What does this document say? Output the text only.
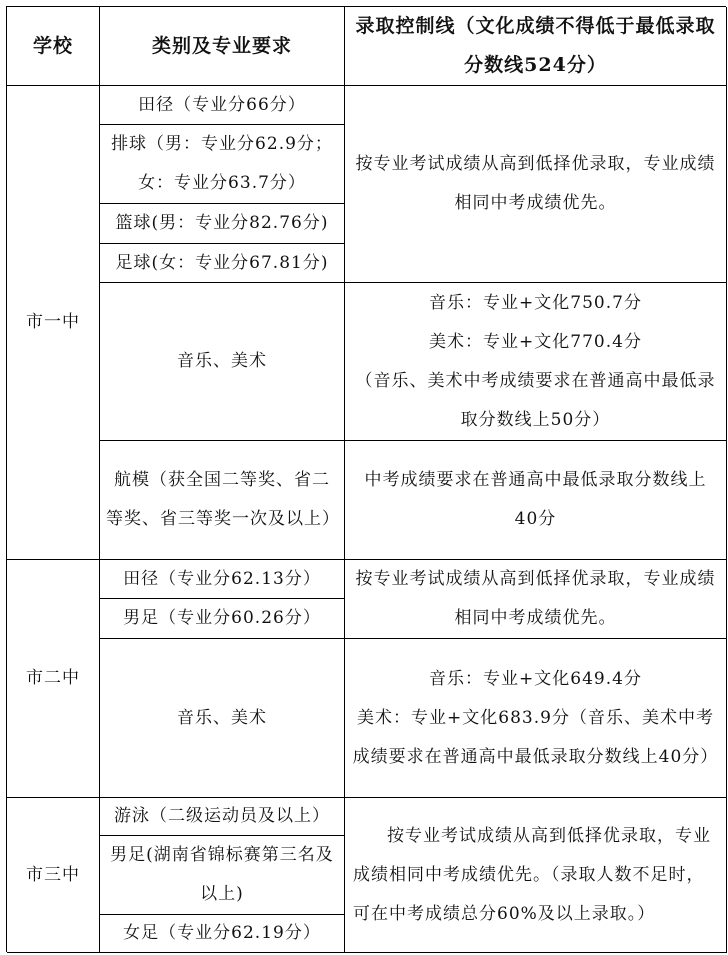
学校	类别及专业要求
录取控制线（文化成绩不得低于最低录取分数线524分）
市一中
田径（专业分66分）
排球（男：专业分62.9分；女：专业分63.7分）
篮球(男：专业分82.76分)
足球(女：专业分67.81分)
按专业考试成绩从高到低择优录取，专业成绩相同中考成绩优先。
音乐、美术
音乐：专业+文化750.7分
美术：专业+文化770.4分
（音乐、美术中考成绩要求在普通高中最低录取分数线上50分）
航模（获全国二等奖、省二等奖、省三等奖一次及以上）
中考成绩要求在普通高中最低录取分数线上40分
市二中
田径（专业分62.13分）
男足（专业分60.26分）
按专业考试成绩从高到低择优录取，专业成绩相同中考成绩优先。
音乐、美术
音乐：专业+文化649.4分
美术：专业+文化683.9分（音乐、美术中考成绩要求在普通高中最低录取分数线上40分）
市三中
游泳（二级运动员及以上）
男足(湖南省锦标赛第三名及以上)
女足（专业分62.19分）
按专业考试成绩从高到低择优录取，专业成绩相同中考成绩优先。（录取人数不足时，可在中考成绩总分60%及以上录取。）
